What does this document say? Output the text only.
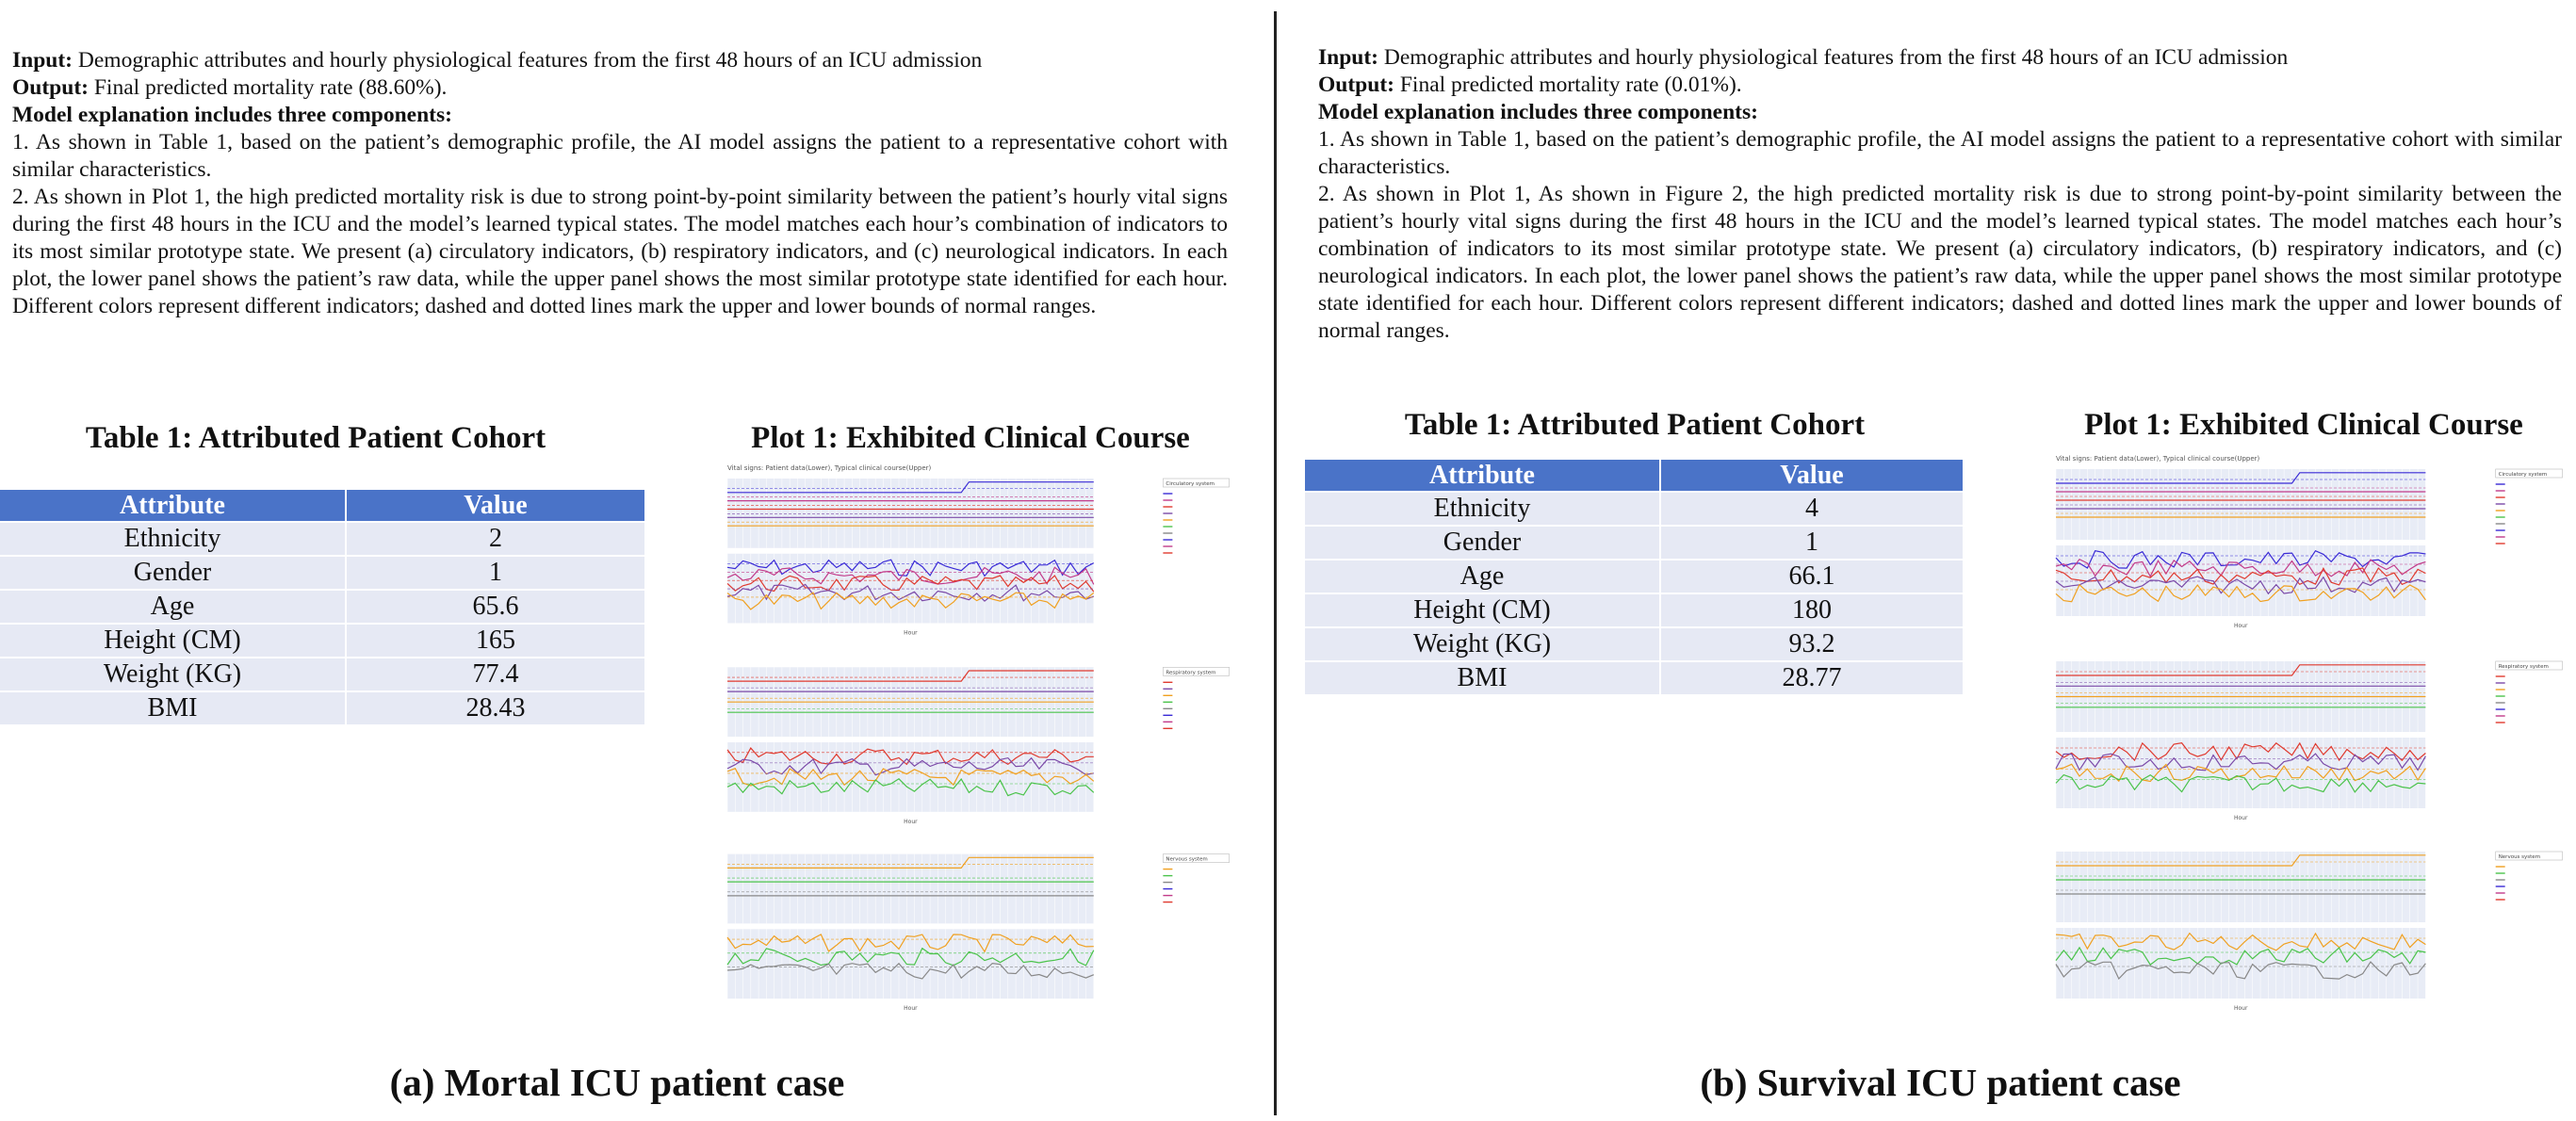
Input: Demographic attributes and hourly physiological features from the first 48 hours of an ICU admission

Output: Final predicted mortality rate (88.60%).

Model explanation includes three components:

1. As shown in Table 1, based on the patient’s demographic profile, the AI model assigns the patient to a representative cohort with similar characteristics.

2. As shown in Plot 1, the high predicted mortality risk is due to strong point-by-point similarity between the patient’s hourly vital signs during the first 48 hours in the ICU and the model’s learned typical states. The model matches each hour’s combination of indicators to its most similar prototype state. We present (a) circulatory indicators, (b) respiratory indicators, and (c) neurological indicators. In each plot, the lower panel shows the patient’s raw data, while the upper panel shows the most similar prototype state identified for each hour. Different colors represent different indicators; dashed and dotted lines mark the upper and lower bounds of normal ranges.

Table 1: Attributed Patient Cohort
Attribute	Value
Ethnicity	2
Gender	1
Age	65.6
Height (CM)	165
Weight (KG)	77.4
BMI	28.43
Plot 1: Exhibited Clinical Course
Vital signs: Patient data(Lower), Typical clinical course(Upper)
Hour
Circulatory system
Hour
Respiratory system
Hour
Nervous system
(a) Mortal ICU patient case

Input: Demographic attributes and hourly physiological features from the first 48 hours of an ICU admission

Output: Final predicted mortality rate (0.01%).

Model explanation includes three components:

1. As shown in Table 1, based on the patient’s demographic profile, the AI model assigns the patient to a representative cohort with similar characteristics.

2. As shown in Plot 1, As shown in Figure 2, the high predicted mortality risk is due to strong point-by-point similarity between the patient’s hourly vital signs during the first 48 hours in the ICU and the model’s learned typical states. The model matches each hour’s combination of indicators to its most similar prototype state. We present (a) circulatory indicators, (b) respiratory indicators, and (c) neurological indicators. In each plot, the lower panel shows the patient’s raw data, while the upper panel shows the most similar prototype state identified for each hour. Different colors represent different indicators; dashed and dotted lines mark the upper and lower bounds of normal ranges.

Table 1: Attributed Patient Cohort
Attribute	Value
Ethnicity	4
Gender	1
Age	66.1
Height (CM)	180
Weight (KG)	93.2
BMI	28.77
Plot 1: Exhibited Clinical Course
Vital signs: Patient data(Lower), Typical clinical course(Upper)
Hour
Circulatory system
Hour
Respiratory system
Hour
Nervous system
(b) Survival ICU patient case
